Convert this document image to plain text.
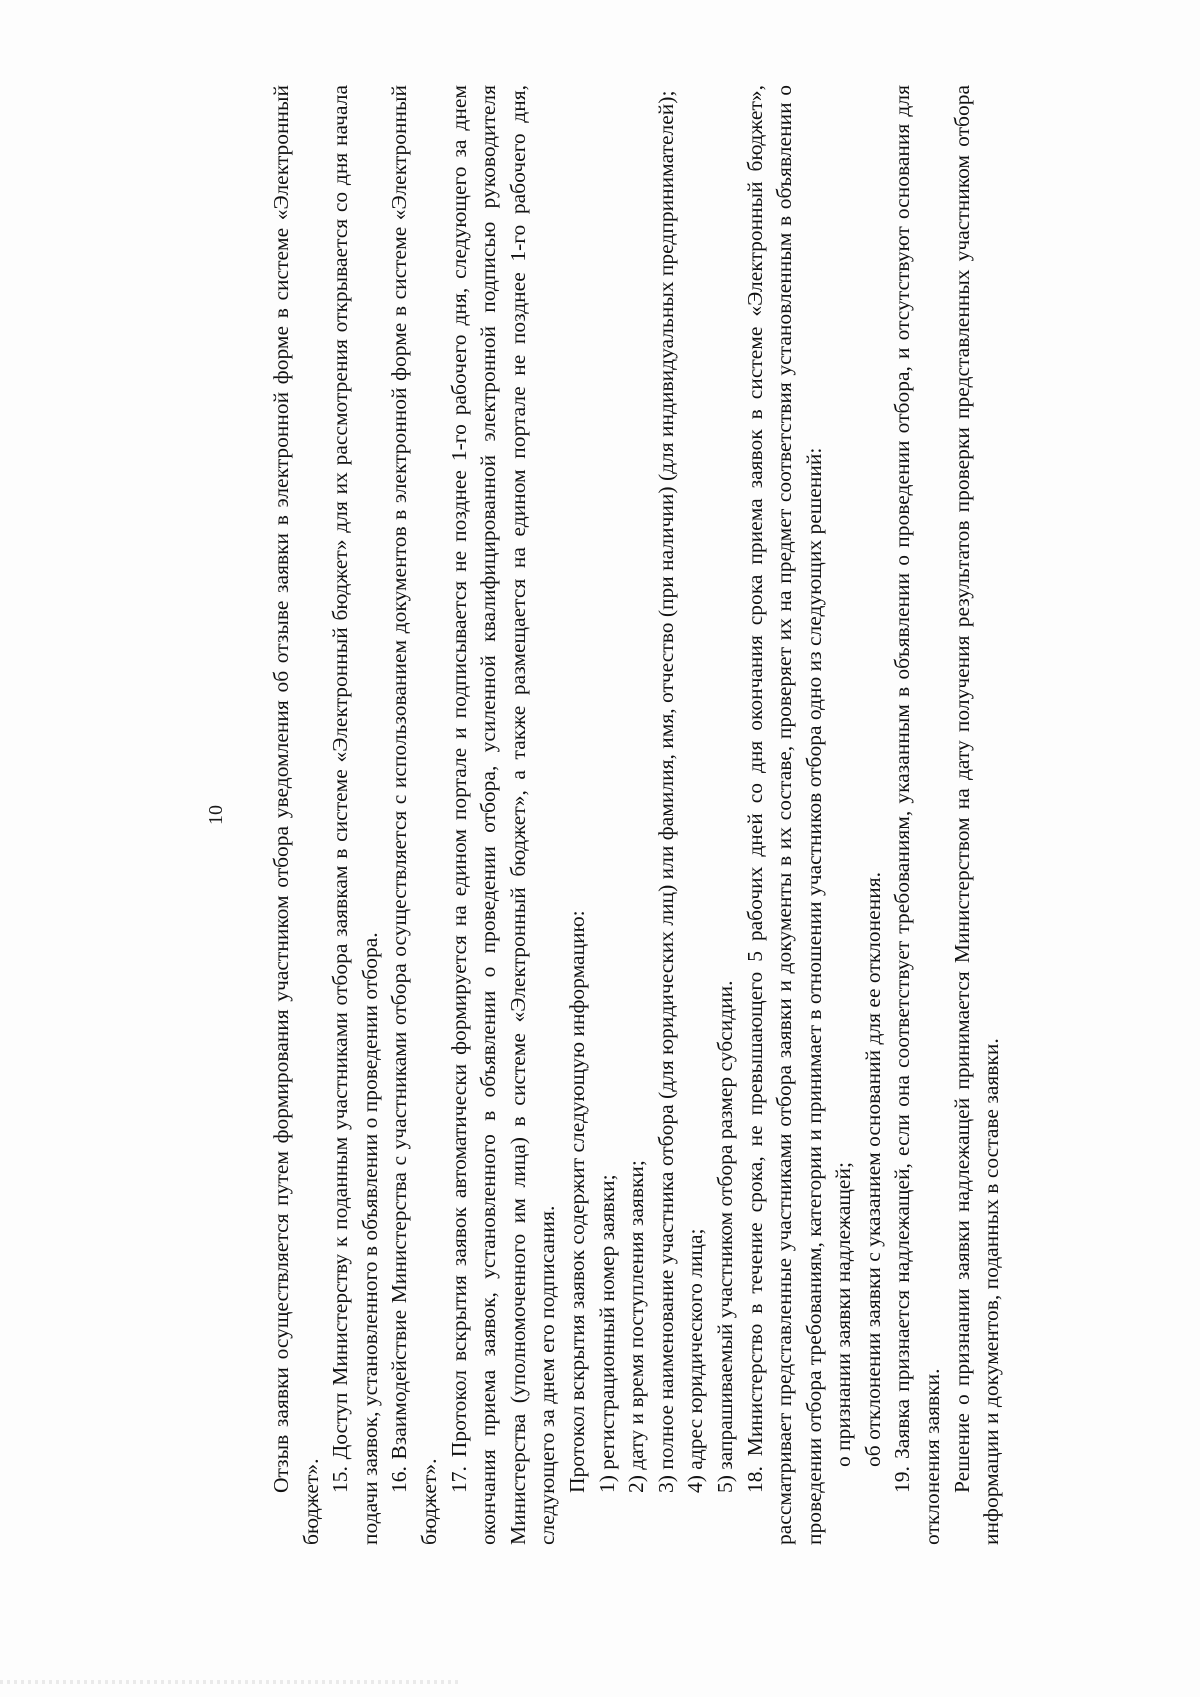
10 Отзыв заявки осуществляется путем формирования участником отбора уведомления об отзыве заявки в электронной форме в системе «Электронный бюджет».

15. Доступ Министерству к поданным участниками отбора заявкам в системе «Электронный бюджет» для их рассмотрения открывается со дня начала подачи заявок, установленного в объявлении о проведении отбора. 16. Взаимодействие Министерства с участниками отбора осуществляется с использованием документов в электронной форме в системе «Электронный бюджет».

17. Протокол вскрытия заявок автоматически формируется на едином портале и подписывается не позднее 1-го рабочего дня, следующего за днем окончания приема заявок, установленного в объявлении о проведении отбора, усиленной квалифицированной электронной подписью руководителя Министерства (уполномоченного им лица) в системе «Электронный бюджет», а также размещается на едином портале не позднее 1-го рабочего дня, следующего за днем его подписания. Протокол вскрытия заявок содержит следующую информацию: 1) регистрационный номер заявки; 2) дату и время поступления заявки; 3) полное наименование участника отбора (для юридических лиц) или фамилия, имя, отчество (при наличии) (для индивидуальных предпринимателей); 4) адрес юридического лица; 5) запрашиваемый участником отбора размер субсидии. 18. Министерство в течение срока, не превышающего 5 рабочих дней со дня окончания срока приема заявок в системе «Электронный бюджет», рассматривает представленные участниками отбора заявки и документы в их составе, проверяет их на предмет соответствия установленным в объявлении о проведении отбора требованиям, категории и принимает в отношении участников отбора одно из следующих решений: о признании заявки надлежащей; об отклонении заявки с указанием оснований для ее отклонения. 19. Заявка признается надлежащей, если она соответствует требованиям, указанным в объявлении о проведении отбора, и отсутствуют основания для отклонения заявки. Решение о признании заявки надлежащей принимается Министерством на дату получения результатов проверки представленных участником отбора информации и документов, поданных в составе заявки.
